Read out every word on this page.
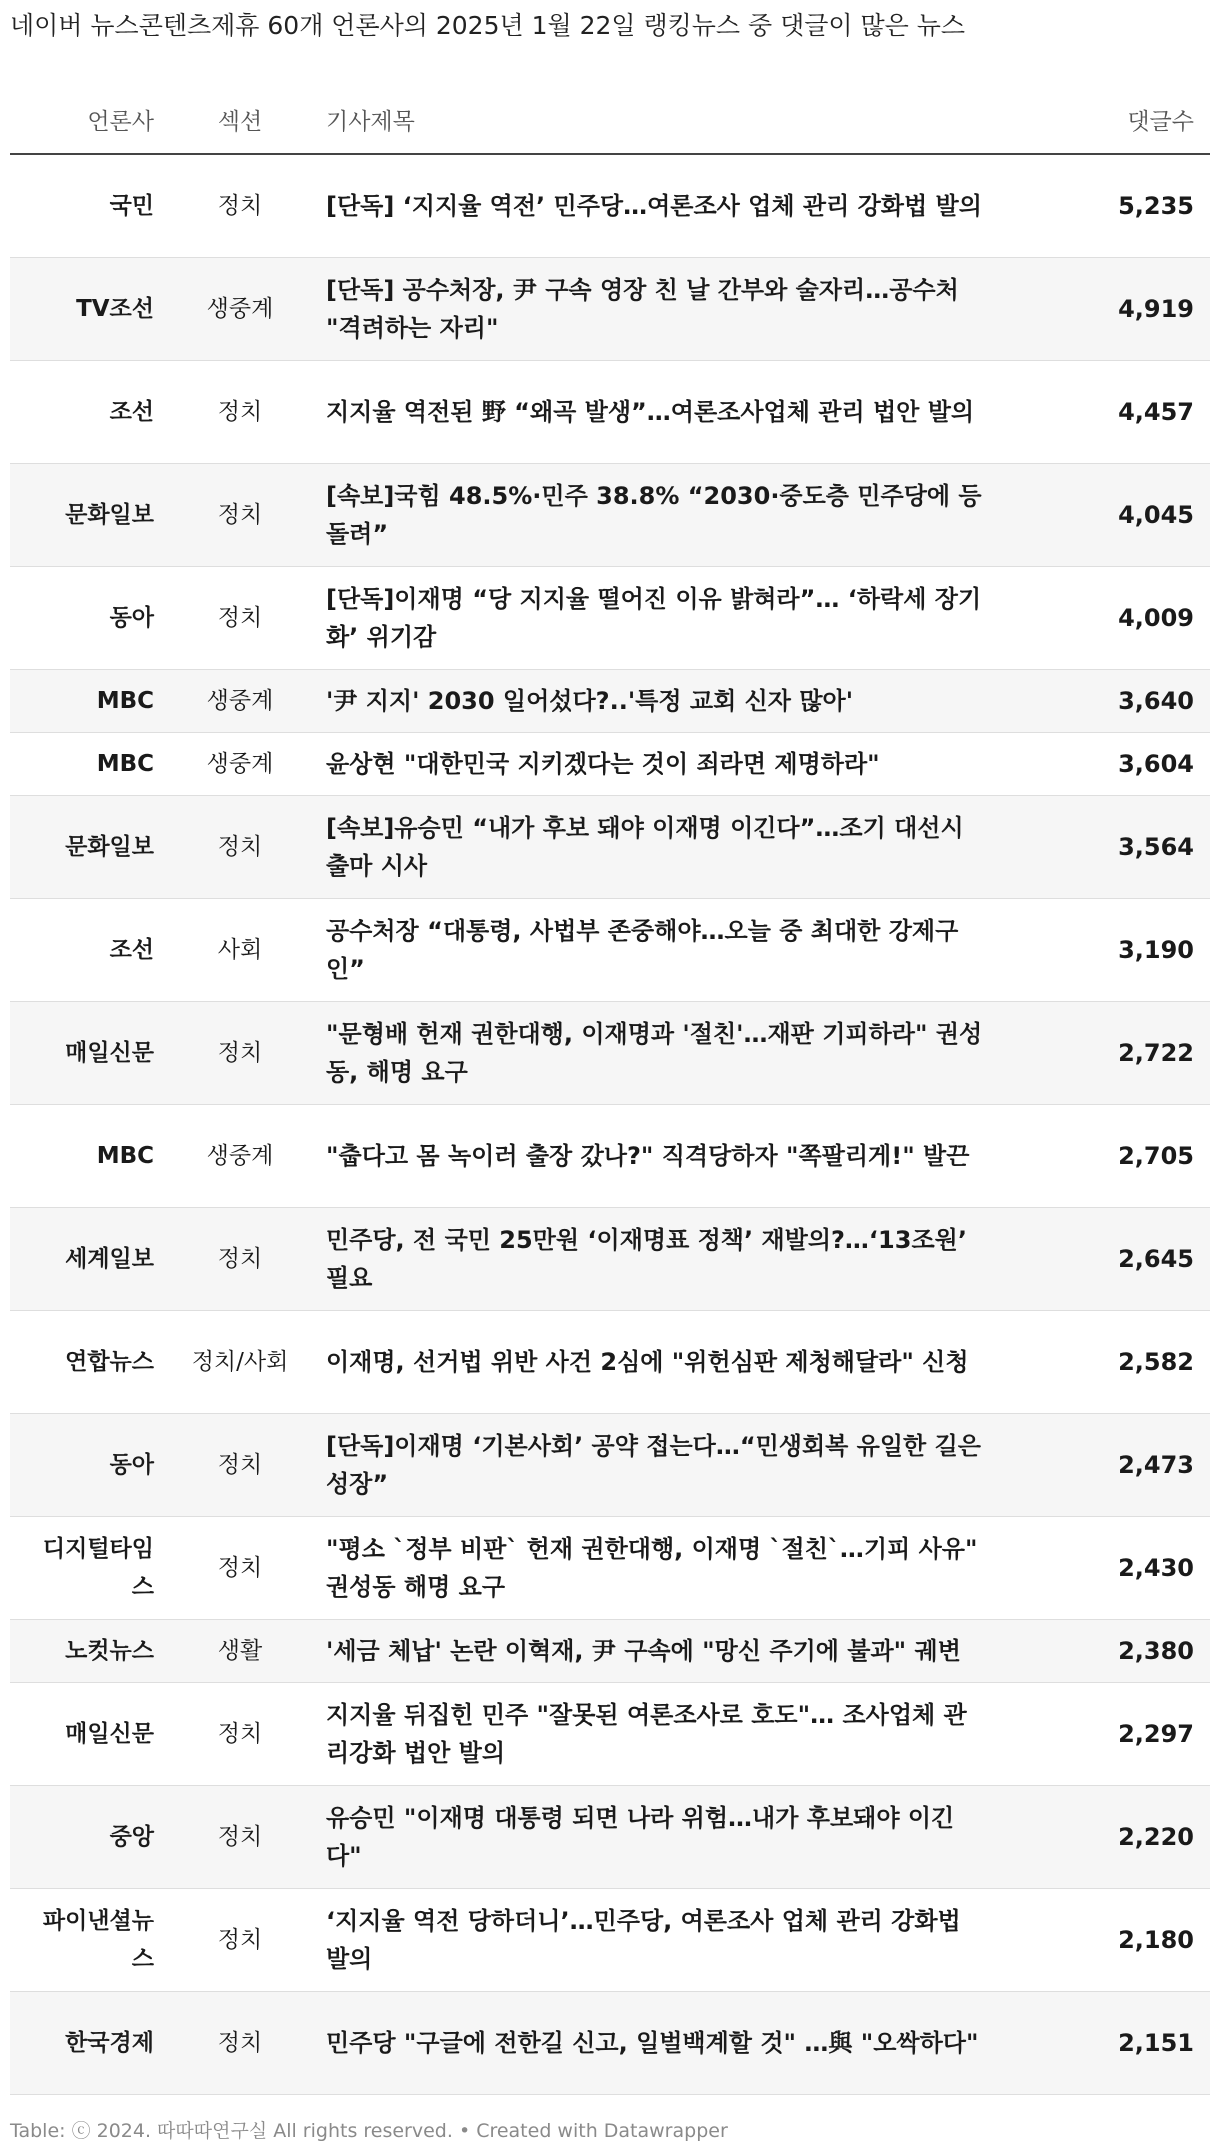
네이버 뉴스콘텐츠제휴 60개 언론사의 2025년 1월 22일 랭킹뉴스 중 댓글이 많은 뉴스
언론사	섹션	기사제목	댓글수
국민	정치	[단독] ‘지지율 역전’ 민주당…여론조사 업체 관리 강화법 발의	5,235
TV조선	생중계	[단독] 공수처장, 尹 구속 영장 친 날 간부와 술자리…공수처 "격려하는 자리"	4,919
조선	정치	지지율 역전된 野 “왜곡 발생”…여론조사업체 관리 법안 발의	4,457
문화일보	정치	[속보]국힘 48.5%·민주 38.8% “2030·중도층 민주당에 등 돌려”	4,045
동아	정치	[단독]이재명 “당 지지율 떨어진 이유 밝혀라”… ‘하락세 장기화’ 위기감	4,009
MBC	생중계	'尹 지지' 2030 일어섰다?..'특정 교회 신자 많아'	3,640
MBC	생중계	윤상현 "대한민국 지키겠다는 것이 죄라면 제명하라"	3,604
문화일보	정치	[속보]유승민 “내가 후보 돼야 이재명 이긴다”…조기 대선시 출마 시사	3,564
조선	사회	공수처장 “대통령, 사법부 존중해야…오늘 중 최대한 강제구인”	3,190
매일신문	정치	"문형배 헌재 권한대행, 이재명과 '절친'…재판 기피하라" 권성동, 해명 요구	2,722
MBC	생중계	"춥다고 몸 녹이러 출장 갔나?" 직격당하자 "쪽팔리게!" 발끈	2,705
세계일보	정치	민주당, 전 국민 25만원 ‘이재명표 정책’ 재발의?…‘13조원’ 필요	2,645
연합뉴스	정치/사회	이재명, 선거법 위반 사건 2심에 "위헌심판 제청해달라" 신청	2,582
동아	정치	[단독]이재명 ‘기본사회’ 공약 접는다…“민생회복 유일한 길은 성장”	2,473
디지털타임스	정치	"평소 `정부 비판` 헌재 권한대행, 이재명 `절친`…기피 사유" 권성동 해명 요구	2,430
노컷뉴스	생활	'세금 체납' 논란 이혁재, 尹 구속에 "망신 주기에 불과" 궤변	2,380
매일신문	정치	지지율 뒤집힌 민주 "잘못된 여론조사로 호도"… 조사업체 관리강화 법안 발의	2,297
중앙	정치	유승민 "이재명 대통령 되면 나라 위험…내가 후보돼야 이긴다"	2,220
파이낸셜뉴스	정치	‘지지율 역전 당하더니’…민주당, 여론조사 업체 관리 강화법 발의	2,180
한국경제	정치	민주당 "구글에 전한길 신고, 일벌백계할 것" …與 "오싹하다"	2,151
Table: ⓒ 2024. 따따따연구실 All rights reserved. • Created with Datawrapper
